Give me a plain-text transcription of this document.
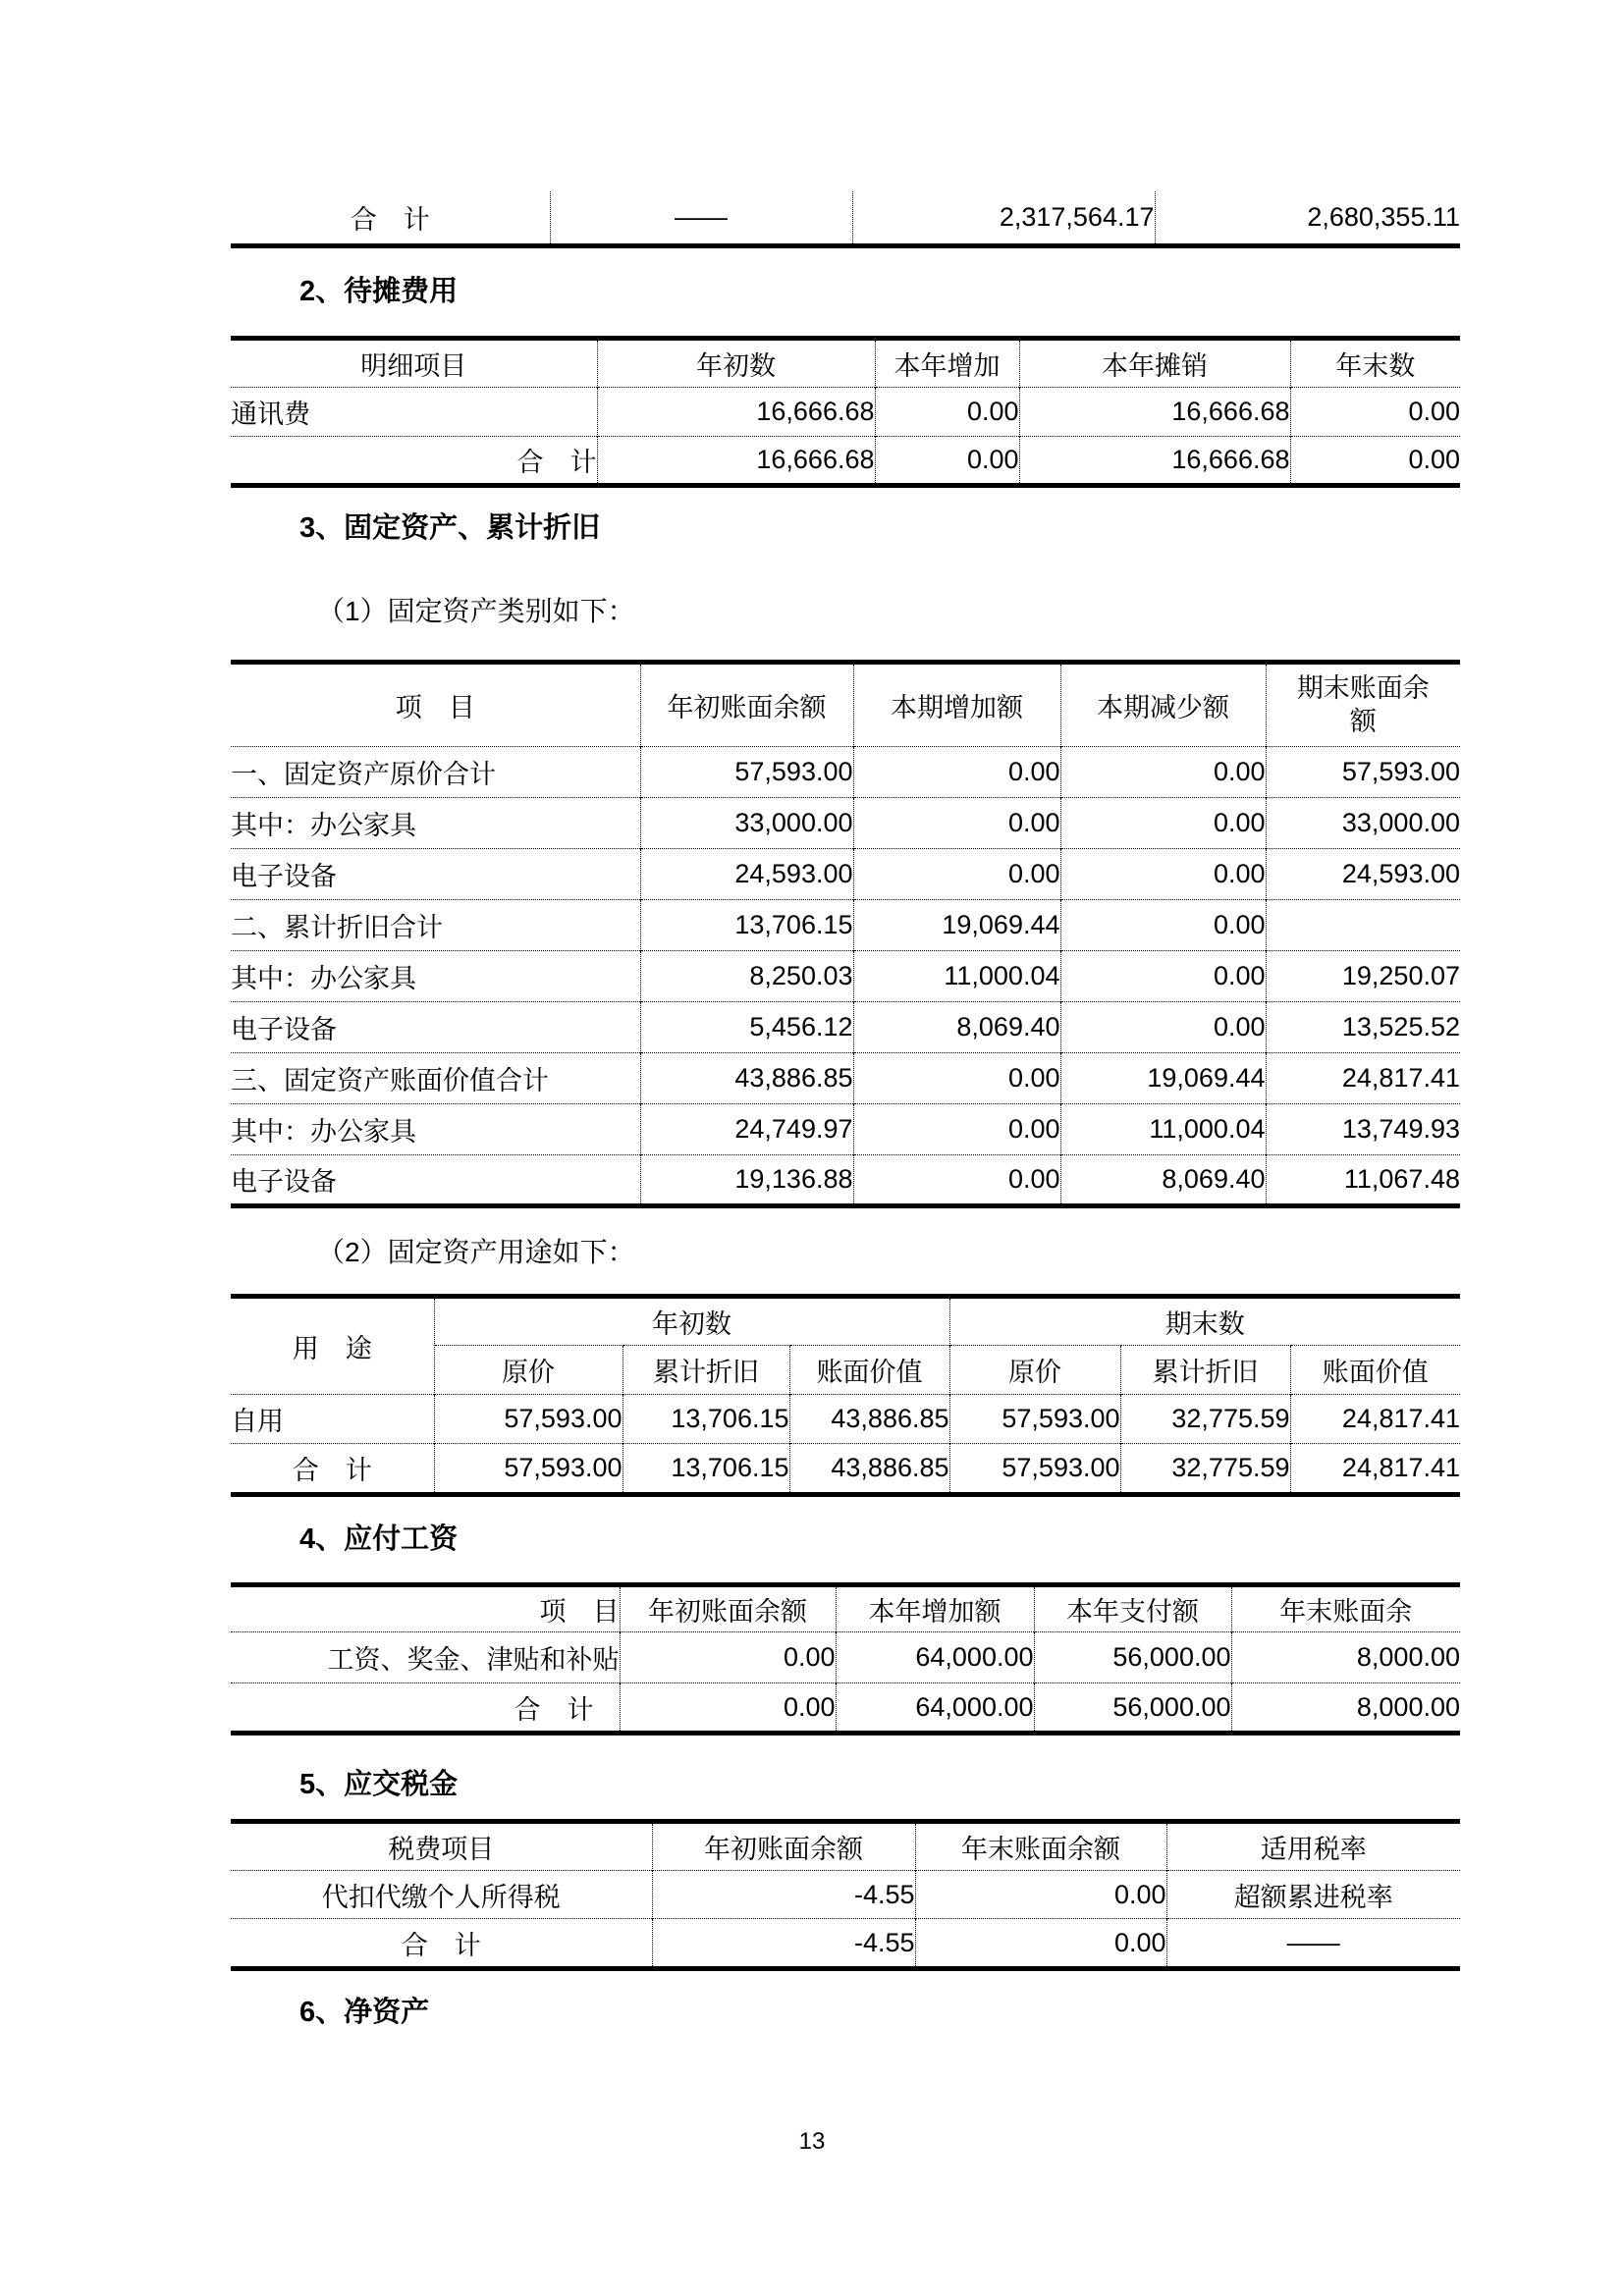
合　计	——	2,317,564.17	2,680,355.11
2、待摊费用
明细项目	年初数	本年增加	本年摊销	年末数
通讯费	16,666.68	0.00	16,666.68	0.00
合　计	16,666.68	0.00	16,666.68	0.00
3、固定资产、累计折旧
（1）固定资产类别如下：
项　目	年初账面余额	本期增加额	本期减少额	期末账面余
额
一、固定资产原价合计	57,593.00	0.00	0.00	57,593.00
其中：办公家具	33,000.00	0.00	0.00	33,000.00
电子设备	24,593.00	0.00	0.00	24,593.00
二、累计折旧合计	13,706.15	19,069.44	0.00	
其中：办公家具	8,250.03	11,000.04	0.00	19,250.07
电子设备	5,456.12	8,069.40	0.00	13,525.52
三、固定资产账面价值合计	43,886.85	0.00	19,069.44	24,817.41
其中：办公家具	24,749.97	0.00	11,000.04	13,749.93
电子设备	19,136.88	0.00	8,069.40	11,067.48
（2）固定资产用途如下：
用　途	年初数			期末数		
	原价	累计折旧	账面价值	原价	累计折旧	账面价值
自用	57,593.00	13,706.15	43,886.85	57,593.00	32,775.59	24,817.41
合　计	57,593.00	13,706.15	43,886.85	57,593.00	32,775.59	24,817.41
4、应付工资
项　目	年初账面余额	本年增加额	本年支付额	年末账面余
工资、奖金、津贴和补贴	0.00	64,000.00	56,000.00	8,000.00
合　计	0.00	64,000.00	56,000.00	8,000.00
5、应交税金
税费项目	年初账面余额	年末账面余额	适用税率
代扣代缴个人所得税	-4.55	0.00	超额累进税率
合　计	-4.55	0.00	——
6、净资产
13
